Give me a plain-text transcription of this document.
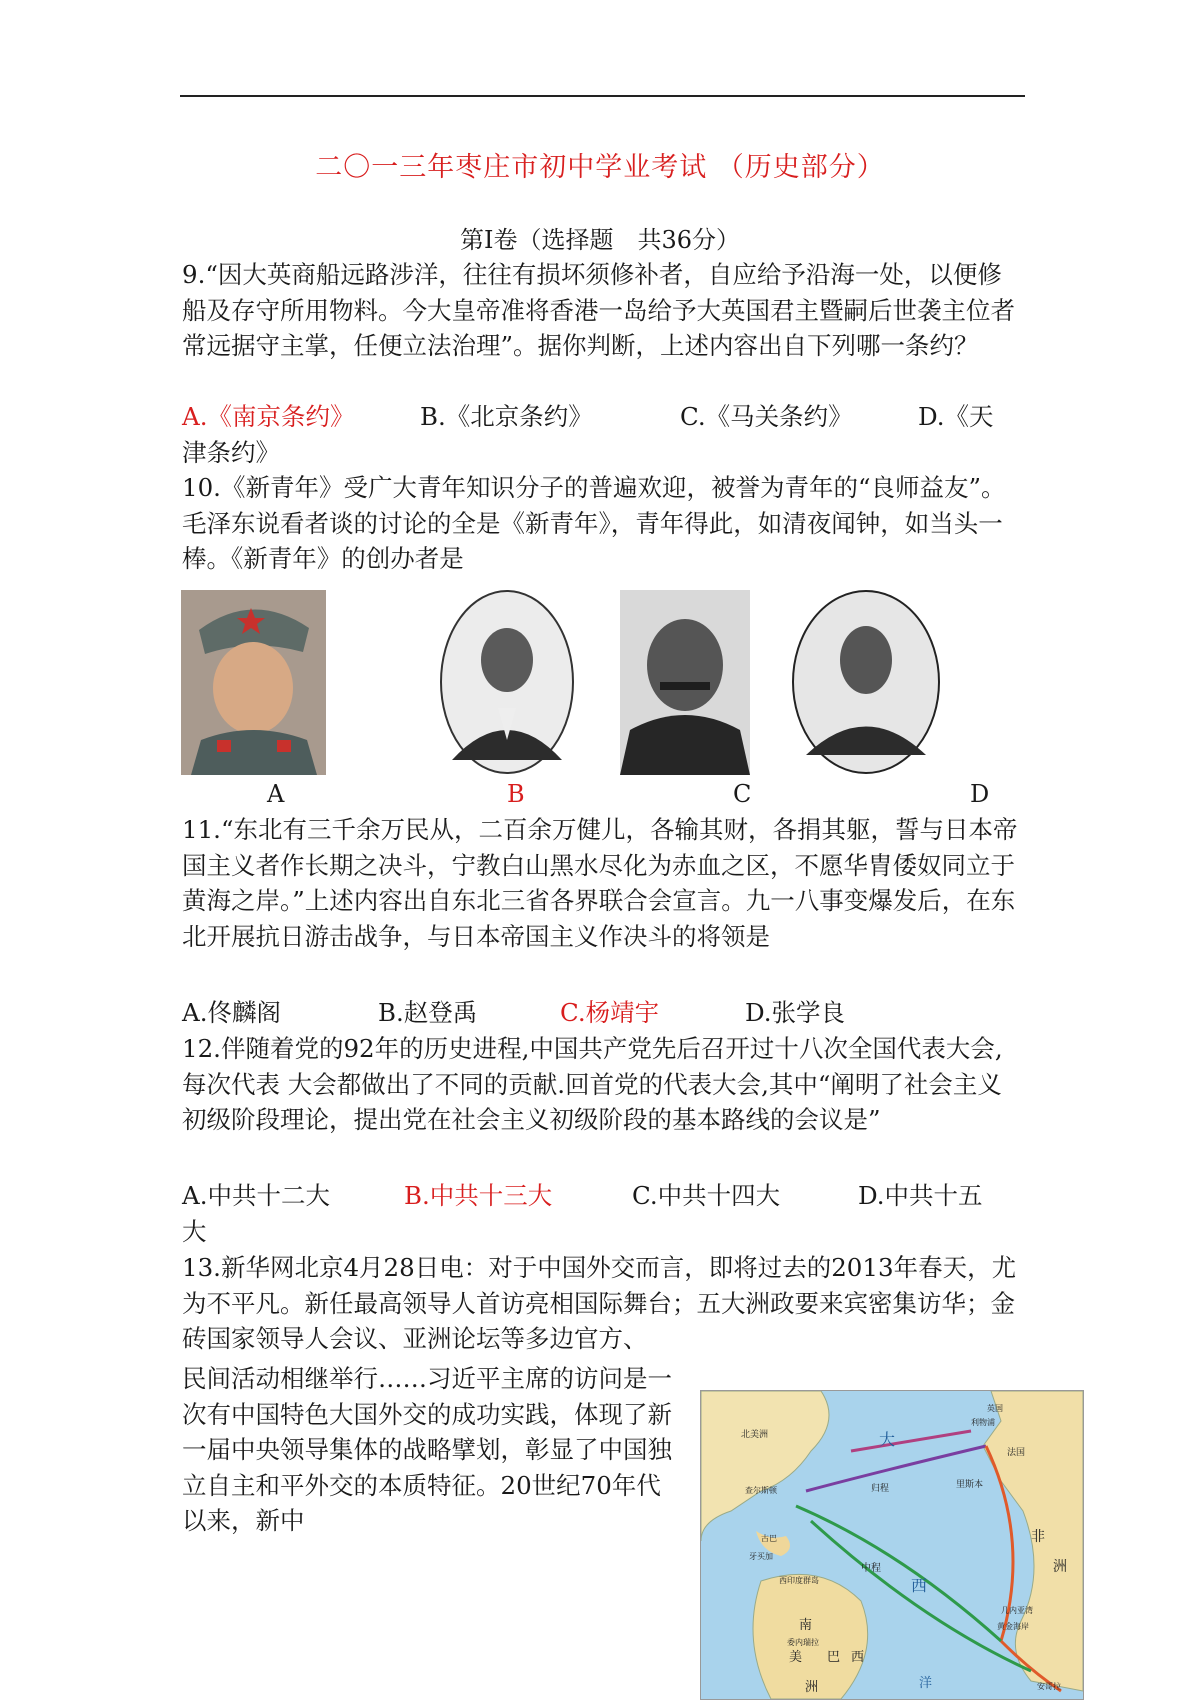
二〇一三年枣庄市初中学业考试 （历史部分）
第Ⅰ卷（选择题　共36分）

9.“因大英商船远路涉洋，往往有损坏须修补者，自应给予沿海一处，以便修船及存守所用物料。今大皇帝准将香港一岛给予大英国君主暨嗣后世袭主位者常远据守主掌，任便立法治理”。据你判断，上述内容出自下列哪一条约？

A.《南京条约》	B.《北京条约》	C.《马关条约》	D.《天
津条约》

10.《新青年》受广大青年知识分子的普遍欢迎，被誉为青年的“良师益友”。毛泽东说看者谈的讨论的全是《新青年》，青年得此，如清夜闻钟，如当头一棒。《新青年》的创办者是

A	B	C	D

11.“东北有三千余万民从，二百余万健儿，各输其财，各捐其躯，誓与日本帝国主义者作长期之决斗，宁教白山黑水尽化为赤血之区，不愿华胄倭奴同立于黄海之岸。”上述内容出自东北三省各界联合会宣言。九一八事变爆发后，在东北开展抗日游击战争，与日本帝国主义作决斗的将领是

A.佟麟阁	B.赵登禹	C.杨靖宇	D.张学良

12.伴随着党的92年的历史进程,中国共产党先后召开过十八次全国代表大会,每次代表 大会都做出了不同的贡献.回首党的代表大会,其中“阐明了社会主义初级阶段理论，提出党在社会主义初级阶段的基本路线的会议是”

A.中共十二大	B.中共十三大	C.中共十四大	D.中共十五
大

13.新华网北京4月28日电：对于中国外交而言，即将过去的2013年春天，尤为不平凡。新任最高领导人首访亮相国际舞台；五大洲政要来宾密集访华；金砖国家领导人会议、亚洲论坛等多边官方、

民间活动相继举行……习近平主席的访问是一次有中国特色大国外交的成功实践，体现了新一届中央领导集体的战略擘划，彰显了中国独立自主和平外交的本质特征。20世纪70年代以来，新中

北美洲
英国
利物浦
大
法国
查尔斯顿
里斯本
归程
西
非
洲
古巴
牙买加
西印度群岛
中程
几内亚湾
黄金海岸
南
美 巴 西
洲
委内瑞拉
安哥拉
洋
